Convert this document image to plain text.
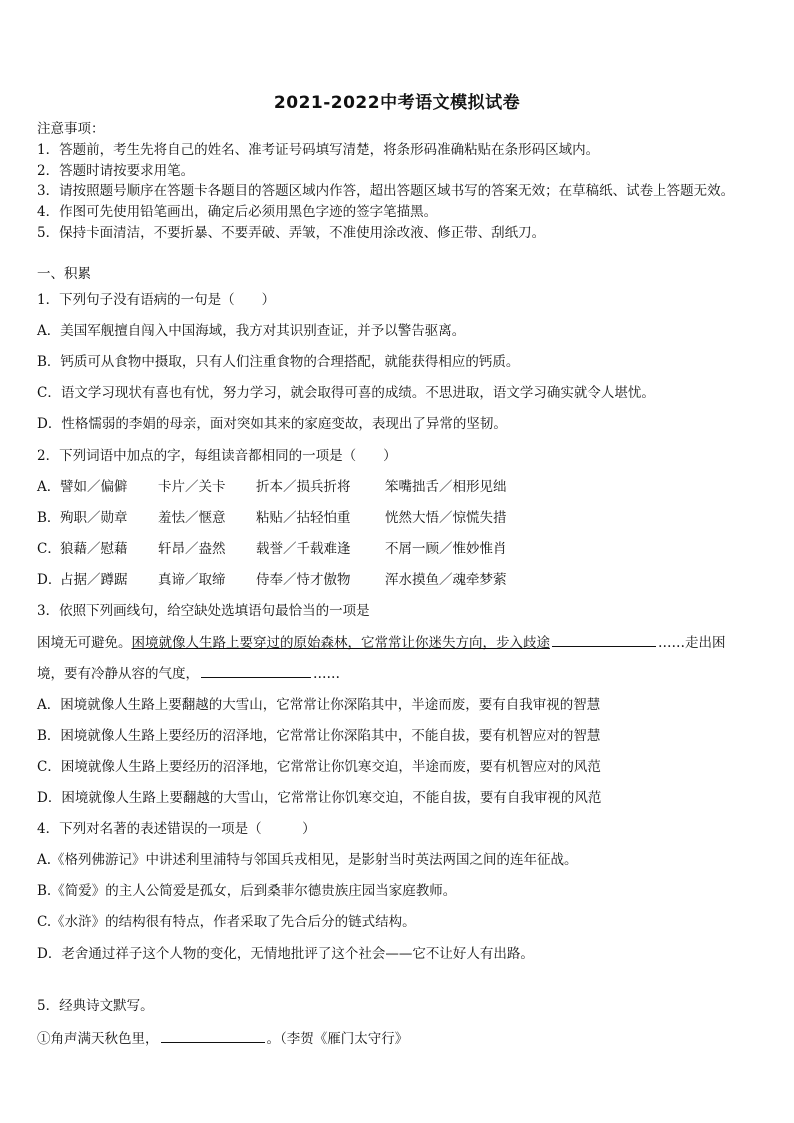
2021-2022中考语文模拟试卷
注意事项：
1．答题前，考生先将自己的姓名、准考证号码填写清楚，将条形码准确粘贴在条形码区域内。
2．答题时请按要求用笔。
3．请按照题号顺序在答题卡各题目的答题区域内作答，超出答题区域书写的答案无效；在草稿纸、试卷上答题无效。
4．作图可先使用铅笔画出，确定后必须用黑色字迹的签字笔描黑。
5．保持卡面清洁，不要折暴、不要弄破、弄皱，不准使用涂改液、修正带、刮纸刀。
一、积累
1．下列句子没有语病的一句是（　　）
A．美国军舰擅自闯入中国海域，我方对其识别查证，并予以警告驱离。
B．钙质可从食物中摄取，只有人们注重食物的合理搭配，就能获得相应的钙质。
C．语文学习现状有喜也有忧，努力学习，就会取得可喜的成绩。不思进取，语文学习确实就令人堪忧。
D．性格懦弱的李娟的母亲，面对突如其来的家庭变故，表现出了异常的坚韧。
2．下列词语中加点的字，每组读音都相同的一项是（　　）
A．譬如／偏僻 卡片／关卡 折本／损兵折将	笨嘴拙舌／相形见绌
B．殉职／勋章 羞怯／惬意 粘贴／拈轻怕重	恍然大悟／惊慌失措
C．狼藉／慰藉 轩昂／盎然 载誉／千载难逢	不屑一顾／惟妙惟肖
D．占据／蹲踞 真谛／取缔 侍奉／恃才傲物	浑水摸鱼／魂牵梦萦
3．依照下列画线句，给空缺处选填语句最恰当的一项是
困境无可避免。困境就像人生路上要穿过的原始森林，它常常让你迷失方向，步入歧途	……走出困
境，要有冷静从容的气度，	……
A．困境就像人生路上要翻越的大雪山，它常常让你深陷其中，半途而废，要有自我审视的智慧
B．困境就像人生路上要经历的沼泽地，它常常让你深陷其中，不能自拔，要有机智应对的智慧
C．困境就像人生路上要经历的沼泽地，它常常让你饥寒交迫，半途而废，要有机智应对的风范
D．困境就像人生路上要翻越的大雪山，它常常让你饥寒交迫，不能自拔，要有自我审视的风范
4．下列对名著的表述错误的一项是（　　　）
A.《格列佛游记》中讲述利里浦特与邻国兵戎相见，是影射当时英法两国之间的连年征战。
B.《简爱》的主人公简爱是孤女，后到桑菲尔德贵族庄园当家庭教师。
C.《水浒》的结构很有特点，作者采取了先合后分的链式结构。
D．老舍通过祥子这个人物的变化，无情地批评了这个社会——它不让好人有出路。
5．经典诗文默写。
①角声满天秋色里，	。（李贺《雁门太守行》
